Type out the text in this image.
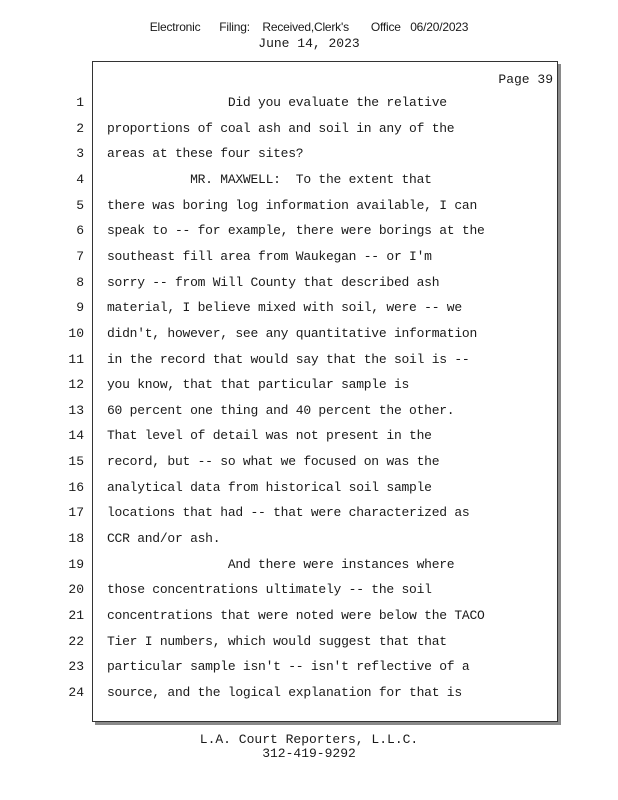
Electronic Filing: Received,Clerk's Office 06/20/2023
June 14, 2023
Page 39
1 Did you evaluate the relative
2 proportions of coal ash and soil in any of the
3 areas at these four sites?
4 MR. MAXWELL:  To the extent that
5 there was boring log information available, I can
6 speak to -- for example, there were borings at the
7 southeast fill area from Waukegan -- or I'm
8 sorry -- from Will County that described ash
9 material, I believe mixed with soil, were -- we
10 didn't, however, see any quantitative information
11 in the record that would say that the soil is --
12 you know, that that particular sample is
13 60 percent one thing and 40 percent the other.
14 That level of detail was not present in the
15 record, but -- so what we focused on was the
16 analytical data from historical soil sample
17 locations that had -- that were characterized as
18 CCR and/or ash.
19 And there were instances where
20 those concentrations ultimately -- the soil
21 concentrations that were noted were below the TACO
22 Tier I numbers, which would suggest that that
23 particular sample isn't -- isn't reflective of a
24 source, and the logical explanation for that is
L.A. Court Reporters, L.L.C.
312-419-9292
